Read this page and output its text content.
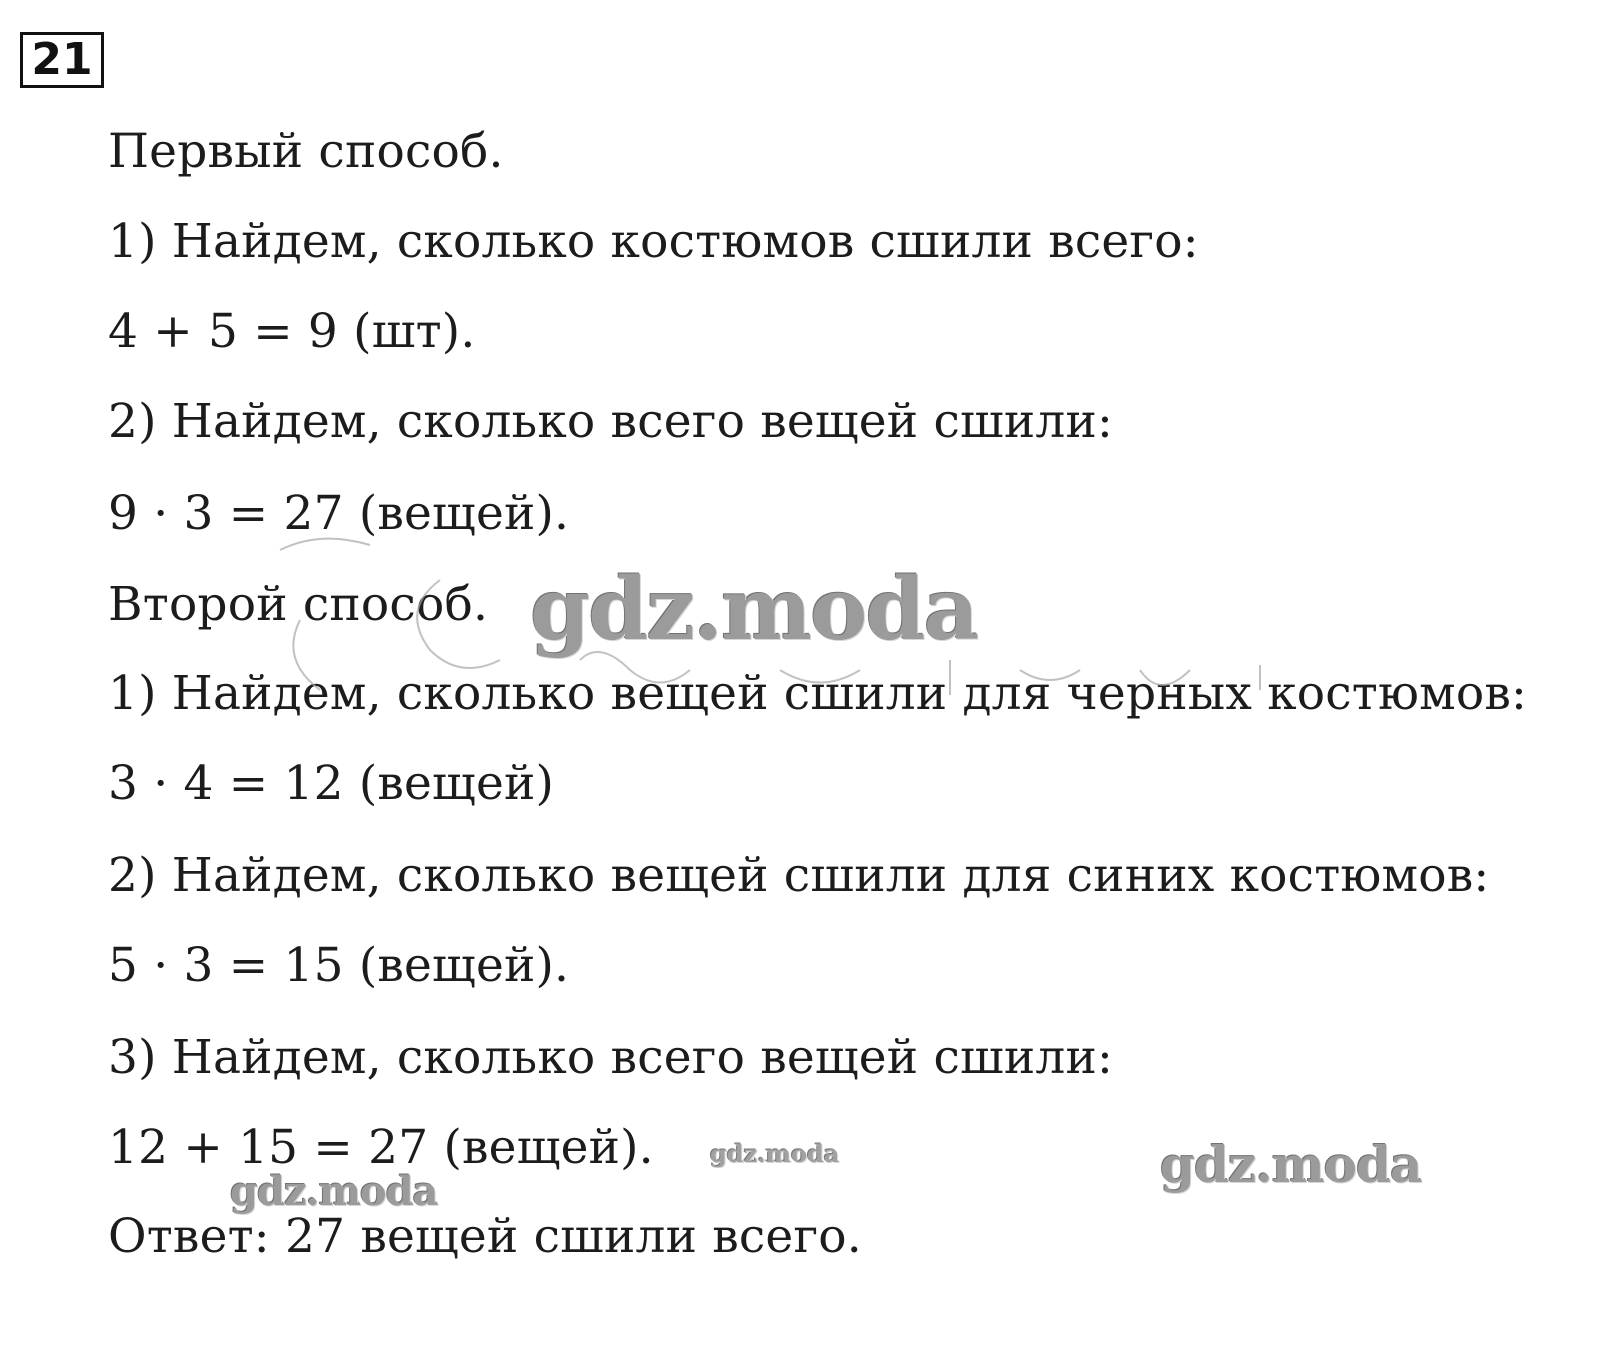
21
Первый способ.
1) Найдем, сколько костюмов сшили всего:
4 + 5 = 9 (шт).
2) Найдем, сколько всего вещей сшили:
9 · 3 = 27 (вещей).
Второй способ.
1) Найдем, сколько вещей сшили для черных костюмов:
3 · 4 = 12 (вещей)
2) Найдем, сколько вещей сшили для синих костюмов:
5 · 3 = 15 (вещей).
3) Найдем, сколько всего вещей сшили:
12 + 15 = 27 (вещей).
Ответ: 27 вещей сшили всего.
gdz.moda
gdz.moda
gdz.moda
gdz.moda
